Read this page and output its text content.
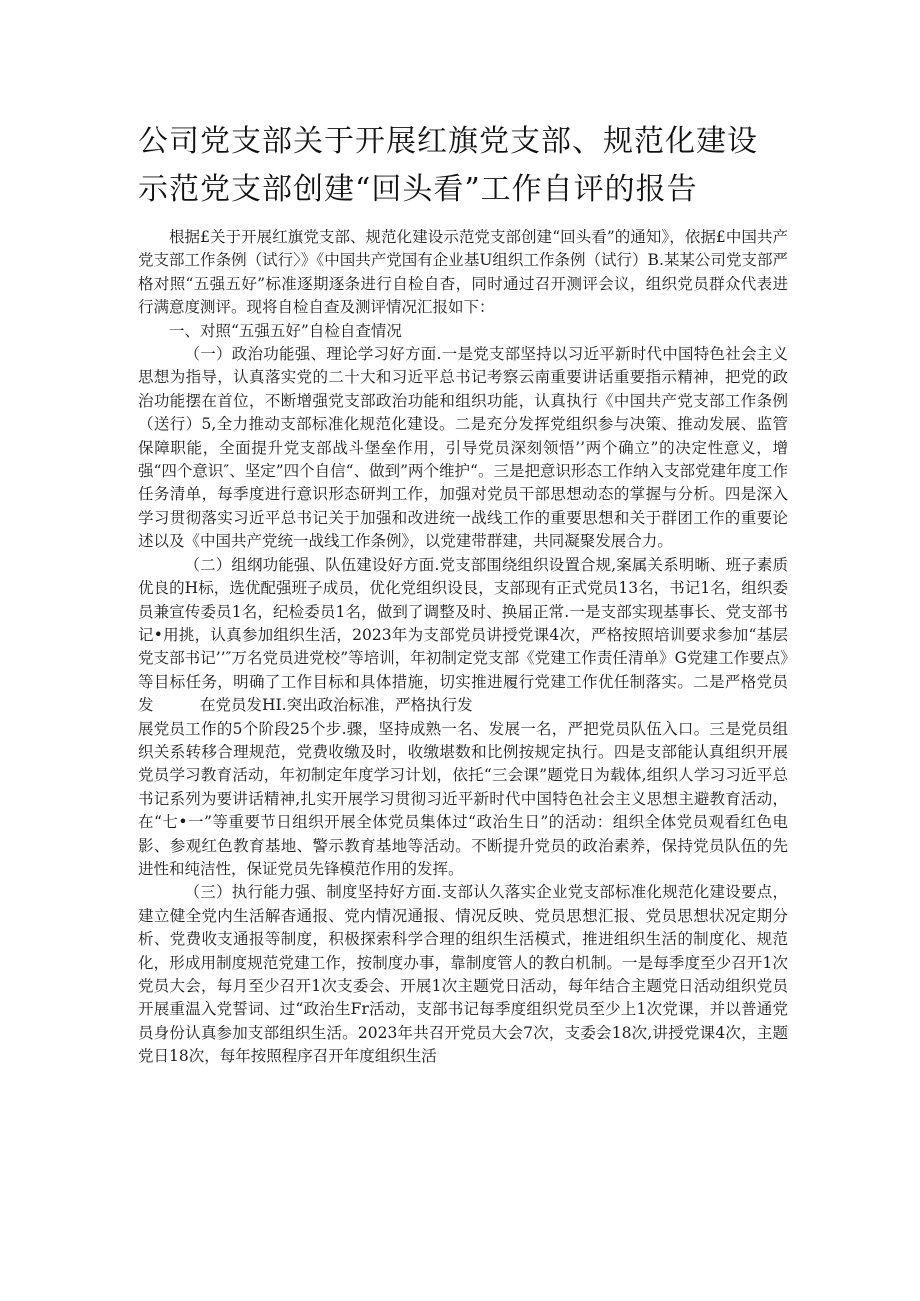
公司党支部关于开展红旗党支部、规范化建设示范党支部创建“回头看”工作自评的报告

根据£关于开展红旗党支部、规范化建设示范党支部创建“回头看”的通知》，依据£中国共产党支部工作条例（试行〉》《中国共产党国有企业基U组织工作条例（试行）B.某某公司党支部严格对照“五强五好”标准逐期逐条进行自检自杳，同时通过召开测评会议，组织党员群众代表进行满意度测评。现将自检自查及测评情况汇报如下：

一、对照“五强五好”自检自查情况

（一）政治功能强、理论学习好方面.一是党支部坚持以习近平新时代中国特色社会主义思想为指导，认真落实党的二十大和习近平总书记考察云南重要讲话重要指示精神，把党的政治功能摆在首位，不断增强党支部政治功能和组织功能，认真执行《中国共产党支部工作条例（送行）5,全力推动支部标准化规范化建设。二是充分发挥党组织参与决策、推动发展、监管保障职能，全面提升党支部战斗堡垒作用，引导党员深刻领悟’’两个确立”的决定性意义，增强“四个意识″、坚定”四个自信“、做到”两个维护“。三是把意识形态工作纳入支部党建年度工作任务清单，每季度进行意识形态研判工作，加强对党员干部思想动态的掌握与分析。四是深入学习贯彻落实习近平总书记关于加强和改进统一战线工作的重要思想和关于群团工作的重要论述以及《中国共产党统一战线工作条例》，以党建带群建，共同凝聚发展合力。

（二）组纲功能强、队伍建设好方面.党支部围绕组织设置合规,案属关系明晰、班子素质优良的H标，选优配强班子成员，优化党组织设艮，支部现有正式党员13名，书记1名，组织委员兼宣传委员1名，纪检委员1名，做到了调整及时、换届正常.一是支部实现基事长、党支部书记•用挑，认真参加组织生活，2023年为支部党员讲授党课4次，严格按照培训要求参加“基层党支部书记’’″万名党员进党校”等培训，年初制定党支部《党建工作责任清单》G党建工作要点》等目标任务，明确了工作目标和具体措施，切实推进履行党建工作优任制落实。二是严格党员发　　　在党员发HI.突出政治标准，严格执行发

展党员工作的5个阶段25个步.骤，坚持成熟一名、发展一名，严把党员队伍入口。三是党员组织关系转移合理规范，党费收缴及时，收缴堪数和比例按规定执行。四是支部能认真组织开展党员学习教育活动，年初制定年度学习计划，依托“三会课”题党日为载体,组织人学习习近平总书记系列为要讲话精神,扎实开展学习贯彻习近平新时代中国特色社会主义思想主避教育活动，在“七•一”等重要节日组织开展全体党员集体过“政治生日”的活动：组织全体党员观看红色电影、参观红色教育基地、警示教育基地等活动。不断提升党员的政治素养，保持党员队伍的先进性和纯洁性，保证党员先锋模范作用的发挥。

（三）执行能力强、制度坚持好方面.支部认久落实企业党支部标准化规范化建设要点，建立健全党内生活解杳通报、党内情况通报、情况反映、党员思想汇报、党员思想状况定期分析、党费收支通报等制度，积极探索科学合理的组织生活模式，推进组织生活的制度化、规范化，形成用制度规范党建工作，按制度办事，靠制度管人的教白机制。一是每季度至少召开1次党员大会，每月至少召开1次支委会、开展1次主题党日活动，每年结合主题党日活动组织党员开展重温入党誓词、过“政治生Fr活动，支部书记每季度组织党员至少上1次党课，并以普通党员身份认真参加支部组织生活。2023年共召开党员大会7次，支委会18次,讲授党课4次，主题党日18次，每年按照程序召开年度组织生活
